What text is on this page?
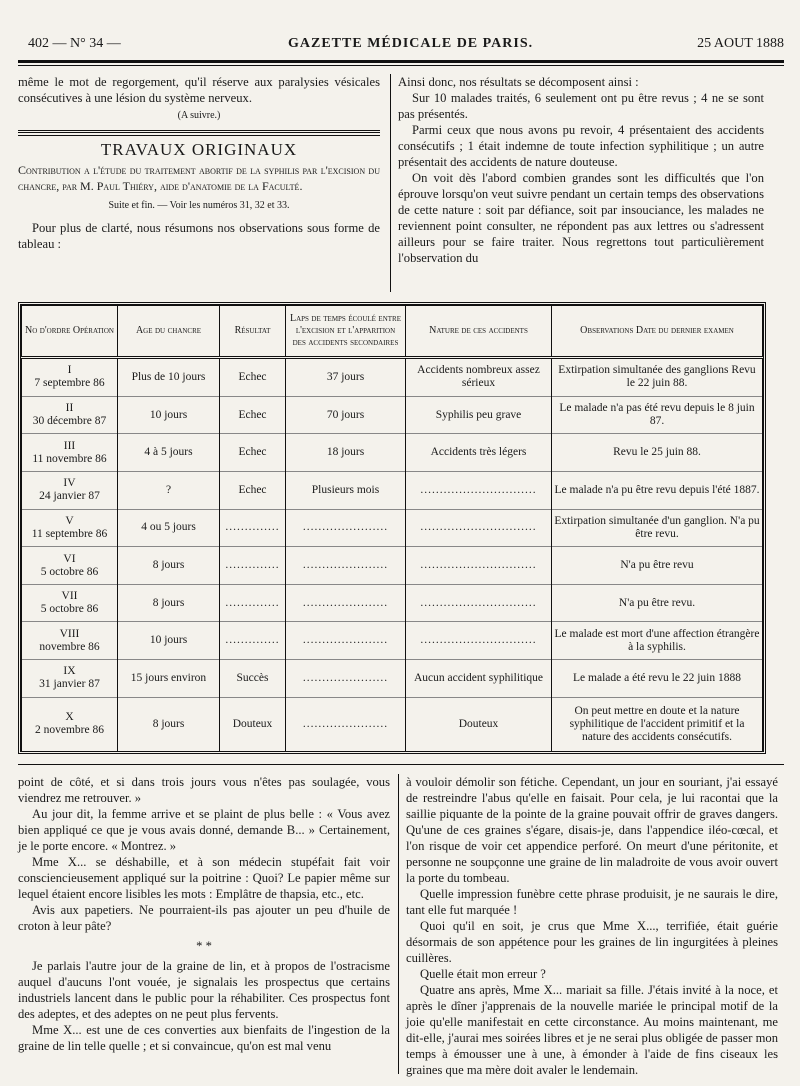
402 — N° 34 —	GAZETTE MÉDICALE DE PARIS.	25 AOUT 1888

même le mot de regorgement, qu'il réserve aux paralysies vésicales consécutives à une lésion du système nerveux.

(A suivre.)

TRAVAUX ORIGINAUX

Contribution a l'étude du traitement abortif de la syphilis par l'excision du chancre, par M. Paul Thiéry, aide d'anatomie de la Faculté.

Suite et fin. — Voir les numéros 31, 32 et 33.

Pour plus de clarté, nous résumons nos observations sous forme de tableau :

Ainsi donc, nos résultats se décomposent ainsi :

Sur 10 malades traités, 6 seulement ont pu être revus ; 4 ne se sont pas présentés.

Parmi ceux que nous avons pu revoir, 4 présentaient des accidents consécutifs ; 1 était indemne de toute infection syphilitique ; un autre présentait des accidents de nature douteuse.

On voit dès l'abord combien grandes sont les difficultés que l'on éprouve lorsqu'on veut suivre pendant un certain temps des observations de cette nature : soit par défiance, soit par insouciance, les malades ne reviennent point consulter, ne répondent pas aux lettres ou s'adressent ailleurs pour se faire traiter. Nous regrettons tout particulièrement l'observation du

No d'ordre Opération	Age du chancre	Résultat	Laps de temps écoulé entre l'excision et l'apparition des accidents secondaires	Nature de ces accidents	Observations Date du dernier examen

I
7 septembre 86	Plus de 10 jours	Echec	37 jours	Accidents nombreux assez sérieux	Extirpation simultanée des ganglions Revu le 22 juin 88.

II
30 décembre 87	10 jours	Echec	70 jours	Syphilis peu grave	Le malade n'a pas été revu depuis le 8 juin 87.

III
11 novembre 86	4 à 5 jours	Echec	18 jours	Accidents très légers	Revu le 25 juin 88.

IV
24 janvier 87	?	Echec	Plusieurs mois	..............................	Le malade n'a pu être revu depuis l'été 1887.

V
11 septembre 86	4 ou 5 jours	..............	......................	..............................	Extirpation simultanée d'un ganglion. N'a pu être revu.

VI
5 octobre 86	8 jours	..............	......................	..............................	N'a pu être revu

VII
5 octobre 86	8 jours	..............	......................	..............................	N'a pu être revu.

VIII
novembre 86	10 jours	..............	......................	..............................	Le malade est mort d'une affection étrangère à la syphilis.

IX
31 janvier 87	15 jours environ	Succès	......................	Aucun accident syphilitique	Le malade a été revu le 22 juin 1888

X
2 novembre 86	8 jours	Douteux	......................	Douteux	On peut mettre en doute et la nature syphilitique de l'accident primitif et la nature des accidents consécutifs.

point de côté, et si dans trois jours vous n'êtes pas soulagée, vous viendrez me retrouver. »

Au jour dit, la femme arrive et se plaint de plus belle : « Vous avez bien appliqué ce que je vous avais donné, demande B... » Certainement, je le porte encore. « Montrez. »

Mme X... se déshabille, et à son médecin stupéfait fait voir consciencieusement appliqué sur la poitrine : Quoi? Le papier même sur lequel étaient encore lisibles les mots : Emplâtre de thapsia, etc., etc.

Avis aux papetiers. Ne pourraient-ils pas ajouter un peu d'huile de croton à leur pâte?

* *

Je parlais l'autre jour de la graine de lin, et à propos de l'ostracisme auquel d'aucuns l'ont vouée, je signalais les prospectus que certains industriels lancent dans le public pour la réhabiliter. Ces prospectus font des adeptes, et des adeptes on ne peut plus fervents.

Mme X... est une de ces converties aux bienfaits de l'ingestion de la graine de lin telle quelle ; et si convaincue, qu'on est mal venu

à vouloir démolir son fétiche. Cependant, un jour en souriant, j'ai essayé de restreindre l'abus qu'elle en faisait. Pour cela, je lui racontai que la saillie piquante de la pointe de la graine pouvait offrir de graves dangers. Qu'une de ces graines s'égare, disais-je, dans l'appendice iléo-cœcal, et l'on risque de voir cet appendice perforé. On meurt d'une péritonite, et personne ne soupçonne une graine de lin maladroite de vous avoir ouvert la porte du tombeau.

Quelle impression funèbre cette phrase produisit, je ne saurais le dire, tant elle fut marquée !

Quoi qu'il en soit, je crus que Mme X..., terrifiée, était guérie désormais de son appétence pour les graines de lin ingurgitées à pleines cuillères.

Quelle était mon erreur ?

Quatre ans après, Mme X... mariait sa fille. J'étais invité à la noce, et après le dîner j'apprenais de la nouvelle mariée le principal motif de la joie qu'elle manifestait en cette circonstance. Au moins maintenant, me dit-elle, j'aurai mes soirées libres et je ne serai plus obligée de passer mon temps à émousser une à une, à émonder à l'aide de fins ciseaux les graines que ma mère doit avaler le lendemain.
